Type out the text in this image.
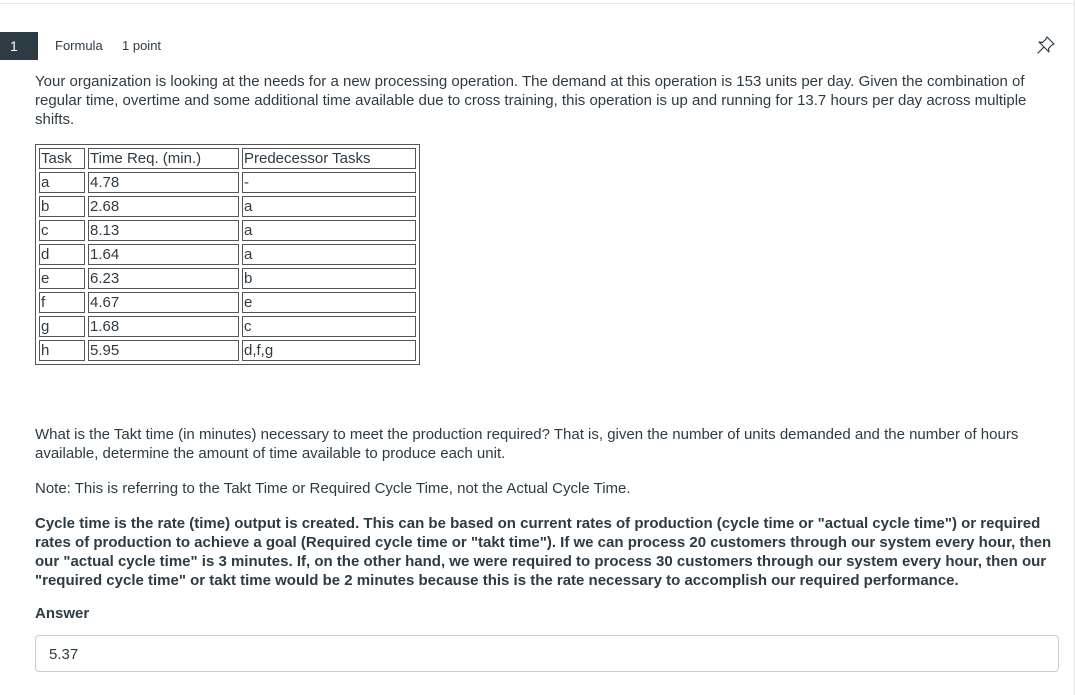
1	Formula 1 point

Your organization is looking at the needs for a new processing operation. The demand at this operation is 153 units per day. Given the combination of regular time, overtime and some additional time available due to cross training, this operation is up and running for 13.7 hours per day across multiple shifts.

Task	Time Req. (min.)	Predecessor Tasks
a	4.78	-
b	2.68	a
c	8.13	a
d	1.64	a
e	6.23	b
f	4.67	e
g	1.68	c
h	5.95	d,f,g

What is the Takt time (in minutes) necessary to meet the production required? That is, given the number of units demanded and the number of hours available, determine the amount of time available to produce each unit.

Note: This is referring to the Takt Time or Required Cycle Time, not the Actual Cycle Time.

Cycle time is the rate (time) output is created. This can be based on current rates of production (cycle time or "actual cycle time") or required rates of production to achieve a goal (Required cycle time or "takt time"). If we can process 20 customers through our system every hour, then our "actual cycle time" is 3 minutes. If, on the other hand, we were required to process 30 customers through our system every hour, then our "required cycle time" or takt time would be 2 minutes because this is the rate necessary to accomplish our required performance.

Answer
5.37
